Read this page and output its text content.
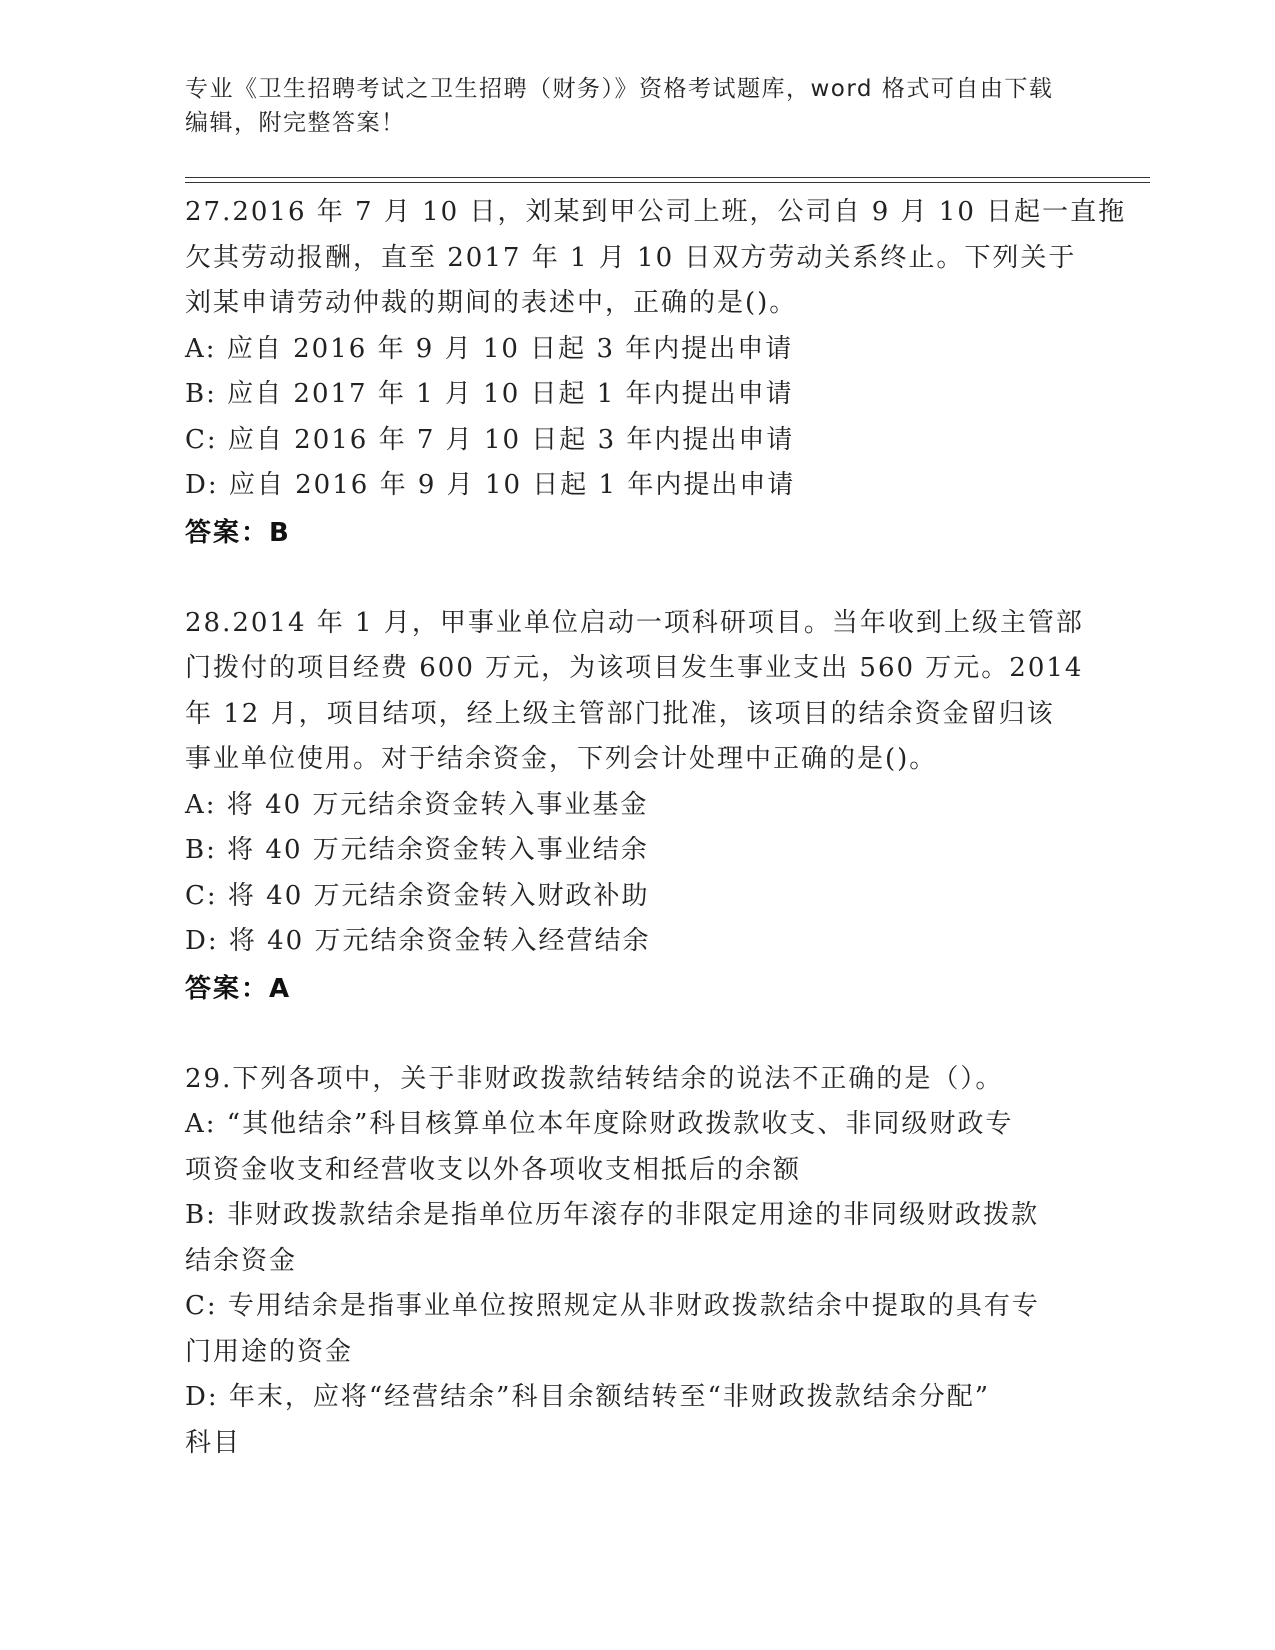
专业《卫生招聘考试之卫生招聘（财务）》资格考试题库，word 格式可自由下载
编辑，附完整答案！
27.2016 年 7 月 10 日，刘某到甲公司上班，公司自 9 月 10 日起一直拖
欠其劳动报酬，直至 2017 年 1 月 10 日双方劳动关系终止。下列关于
刘某申请劳动仲裁的期间的表述中，正确的是()。
A: 应自 2016 年 9 月 10 日起 3 年内提出申请
B: 应自 2017 年 1 月 10 日起 1 年内提出申请
C: 应自 2016 年 7 月 10 日起 3 年内提出申请
D: 应自 2016 年 9 月 10 日起 1 年内提出申请
答案：B
28.2014 年 1 月，甲事业单位启动一项科研项目。当年收到上级主管部
门拨付的项目经费 600 万元，为该项目发生事业支出 560 万元。2014
年 12 月，项目结项，经上级主管部门批准，该项目的结余资金留归该
事业单位使用。对于结余资金，下列会计处理中正确的是()。
A: 将 40 万元结余资金转入事业基金
B: 将 40 万元结余资金转入事业结余
C: 将 40 万元结余资金转入财政补助
D: 将 40 万元结余资金转入经营结余
答案：A
29.下列各项中，关于非财政拨款结转结余的说法不正确的是（）。
A: “其他结余”科目核算单位本年度除财政拨款收支、非同级财政专
项资金收支和经营收支以外各项收支相抵后的余额
B: 非财政拨款结余是指单位历年滚存的非限定用途的非同级财政拨款
结余资金
C: 专用结余是指事业单位按照规定从非财政拨款结余中提取的具有专
门用途的资金
D: 年末，应将“经营结余”科目余额结转至“非财政拨款结余分配”
科目
